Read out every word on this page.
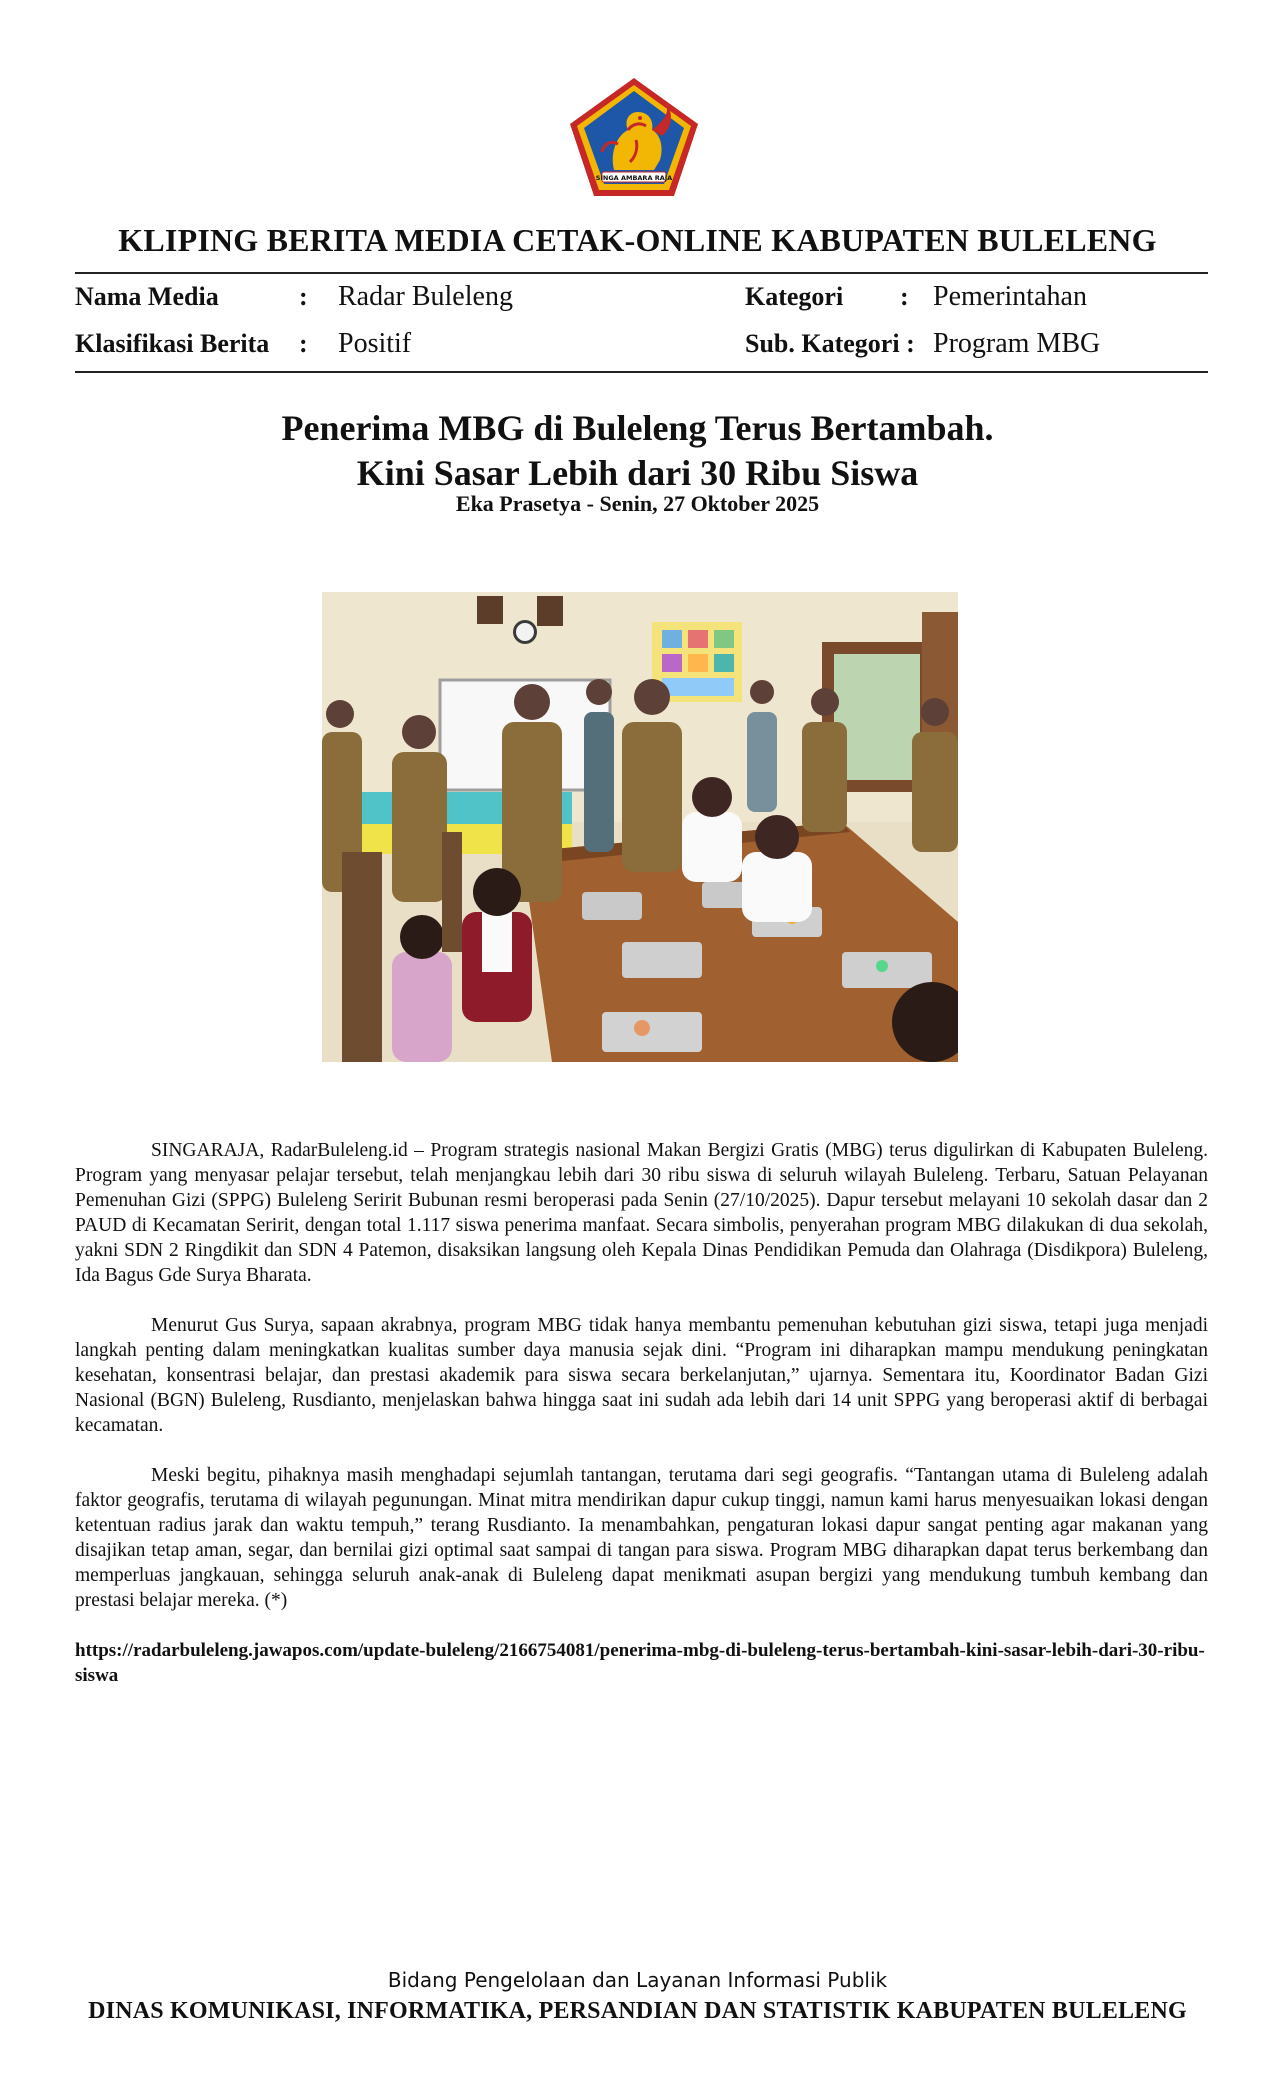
SINGA AMBARA RAJA
KLIPING BERITA MEDIA CETAK-ONLINE KABUPATEN BULELENG
Nama Media	: Radar Buleleng	Kategori : Pemerintahan
Klasifikasi Berita : Positif	Sub. Kategori : Program MBG
Penerima MBG di Buleleng Terus Bertambah.
Kini Sasar Lebih dari 30 Ribu Siswa
Eka Prasetya - Senin, 27 Oktober 2025

SINGARAJA, RadarBuleleng.id – Program strategis nasional Makan Bergizi Gratis (MBG) terus digulirkan di Kabupaten Buleleng. Program yang menyasar pelajar tersebut, telah menjangkau lebih dari 30 ribu siswa di seluruh wilayah Buleleng. Terbaru, Satuan Pelayanan Pemenuhan Gizi (SPPG) Buleleng Seririt Bubunan resmi beroperasi pada Senin (27/10/2025). Dapur tersebut melayani 10 sekolah dasar dan 2 PAUD di Kecamatan Seririt, dengan total 1.117 siswa penerima manfaat. Secara simbolis, penyerahan program MBG dilakukan di dua sekolah, yakni SDN 2 Ringdikit dan SDN 4 Patemon, disaksikan langsung oleh Kepala Dinas Pendidikan Pemuda dan Olahraga (Disdikpora) Buleleng, Ida Bagus Gde Surya Bharata.

Menurut Gus Surya, sapaan akrabnya, program MBG tidak hanya membantu pemenuhan kebutuhan gizi siswa, tetapi juga menjadi langkah penting dalam meningkatkan kualitas sumber daya manusia sejak dini. “Program ini diharapkan mampu mendukung peningkatan kesehatan, konsentrasi belajar, dan prestasi akademik para siswa secara berkelanjutan,” ujarnya. Sementara itu, Koordinator Badan Gizi Nasional (BGN) Buleleng, Rusdianto, menjelaskan bahwa hingga saat ini sudah ada lebih dari 14 unit SPPG yang beroperasi aktif di berbagai kecamatan.

Meski begitu, pihaknya masih menghadapi sejumlah tantangan, terutama dari segi geografis. “Tantangan utama di Buleleng adalah faktor geografis, terutama di wilayah pegunungan. Minat mitra mendirikan dapur cukup tinggi, namun kami harus menyesuaikan lokasi dengan ketentuan radius jarak dan waktu tempuh,” terang Rusdianto. Ia menambahkan, pengaturan lokasi dapur sangat penting agar makanan yang disajikan tetap aman, segar, dan bernilai gizi optimal saat sampai di tangan para siswa. Program MBG diharapkan dapat terus berkembang dan memperluas jangkauan, sehingga seluruh anak-anak di Buleleng dapat menikmati asupan bergizi yang mendukung tumbuh kembang dan prestasi belajar mereka. (*)

https://radarbuleleng.jawapos.com/update-buleleng/2166754081/penerima-mbg-di-buleleng-terus-bertambah-kini-sasar-lebih-dari-30-ribu-siswa

Bidang Pengelolaan dan Layanan Informasi Publik
DINAS KOMUNIKASI, INFORMATIKA, PERSANDIAN DAN STATISTIK KABUPATEN BULELENG
